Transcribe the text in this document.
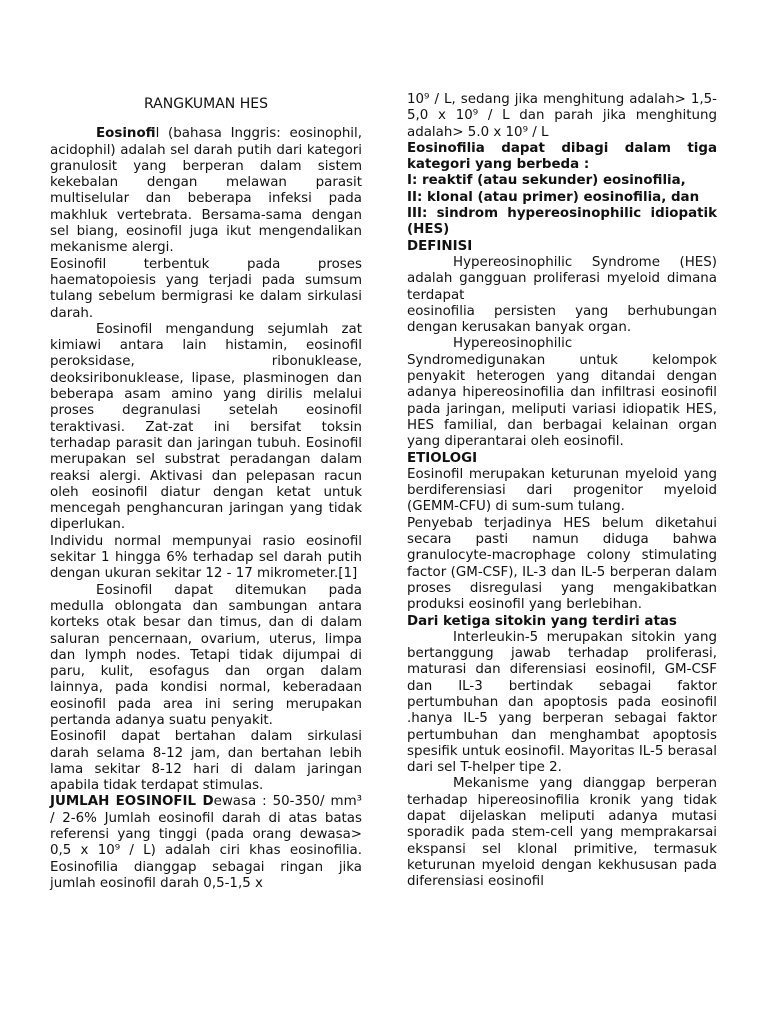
RANGKUMAN HES

Eosinofil (bahasa Inggris: eosinophil, acidophil) adalah sel darah putih dari kategori granulosit yang berperan dalam sistem kekebalan dengan melawan parasit multiselular dan beberapa infeksi pada makhluk vertebrata. Bersama-sama dengan sel biang, eosinofil juga ikut mengendalikan mekanisme alergi.

Eosinofil terbentuk pada proses haematopoiesis yang terjadi pada sumsum tulang sebelum bermigrasi ke dalam sirkulasi darah.

Eosinofil mengandung sejumlah zat kimiawi antara lain histamin, eosinofil peroksidase, ribonuklease, deoksiribonuklease, lipase, plasminogen dan beberapa asam amino yang dirilis melalui proses degranulasi setelah eosinofil teraktivasi. Zat-zat ini bersifat toksin terhadap parasit dan jaringan tubuh. Eosinofil merupakan sel substrat peradangan dalam reaksi alergi. Aktivasi dan pelepasan racun oleh eosinofil diatur dengan ketat untuk mencegah penghancuran jaringan yang tidak diperlukan.

Individu normal mempunyai rasio eosinofil sekitar 1 hingga 6% terhadap sel darah putih dengan ukuran sekitar 12 - 17 mikrometer.[1]

Eosinofil dapat ditemukan pada medulla oblongata dan sambungan antara korteks otak besar dan timus, dan di dalam saluran pencernaan, ovarium, uterus, limpa dan lymph nodes. Tetapi tidak dijumpai di paru, kulit, esofagus dan organ dalam lainnya, pada kondisi normal, keberadaan eosinofil pada area ini sering merupakan pertanda adanya suatu penyakit.

Eosinofil dapat bertahan dalam sirkulasi darah selama 8-12 jam, dan bertahan lebih lama sekitar 8-12 hari di dalam jaringan apabila tidak terdapat stimulas.

JUMLAH EOSINOFIL Dewasa : 50-350/ mm³ / 2-6% Jumlah eosinofil darah di atas batas referensi yang tinggi (pada orang dewasa> 0,5 x 10⁹ / L) adalah ciri khas eosinofilia. Eosinofilia dianggap sebagai ringan jika jumlah eosinofil darah 0,5-1,5 x

10⁹ / L, sedang jika menghitung adalah> 1,5-5,0 x 10⁹ / L dan parah jika menghitung adalah> 5.0 x 10⁹ / L

Eosinofilia dapat dibagi dalam tiga kategori yang berbeda :

I: reaktif (atau sekunder) eosinofilia,

II: klonal (atau primer) eosinofilia, dan

III: sindrom hypereosinophilic idiopatik (HES)

DEFINISI

Hypereosinophilic Syndrome (HES) adalah gangguan proliferasi myeloid dimana terdapat

eosinofilia persisten yang berhubungan dengan kerusakan banyak organ.

Hypereosinophilic

Syndromedigunakan untuk kelompok penyakit heterogen yang ditandai dengan adanya hipereosinofilia dan infiltrasi eosinofil pada jaringan, meliputi variasi idiopatik HES, HES familial, dan berbagai kelainan organ yang diperantarai oleh eosinofil.

ETIOLOGI

Eosinofil merupakan keturunan myeloid yang berdiferensiasi dari progenitor myeloid (GEMM-CFU) di sum-sum tulang.

Penyebab terjadinya HES belum diketahui secara pasti namun diduga bahwa granulocyte-macrophage colony stimulating factor (GM-CSF), IL-3 dan IL-5 berperan dalam proses disregulasi yang mengakibatkan produksi eosinofil yang berlebihan.

Dari ketiga sitokin yang terdiri atas

Interleukin-5 merupakan sitokin yang bertanggung jawab terhadap proliferasi, maturasi dan diferensiasi eosinofil, GM-CSF dan IL-3 bertindak sebagai faktor pertumbuhan dan apoptosis pada eosinofil .hanya IL-5 yang berperan sebagai faktor pertumbuhan dan menghambat apoptosis spesifik untuk eosinofil. Mayoritas IL-5 berasal dari sel T-helper tipe 2.

Mekanisme yang dianggap berperan terhadap hipereosinofilia kronik yang tidak dapat dijelaskan meliputi adanya mutasi sporadik pada stem-cell yang memprakarsai ekspansi sel klonal primitive, termasuk keturunan myeloid dengan kekhususan pada diferensiasi eosinofil
